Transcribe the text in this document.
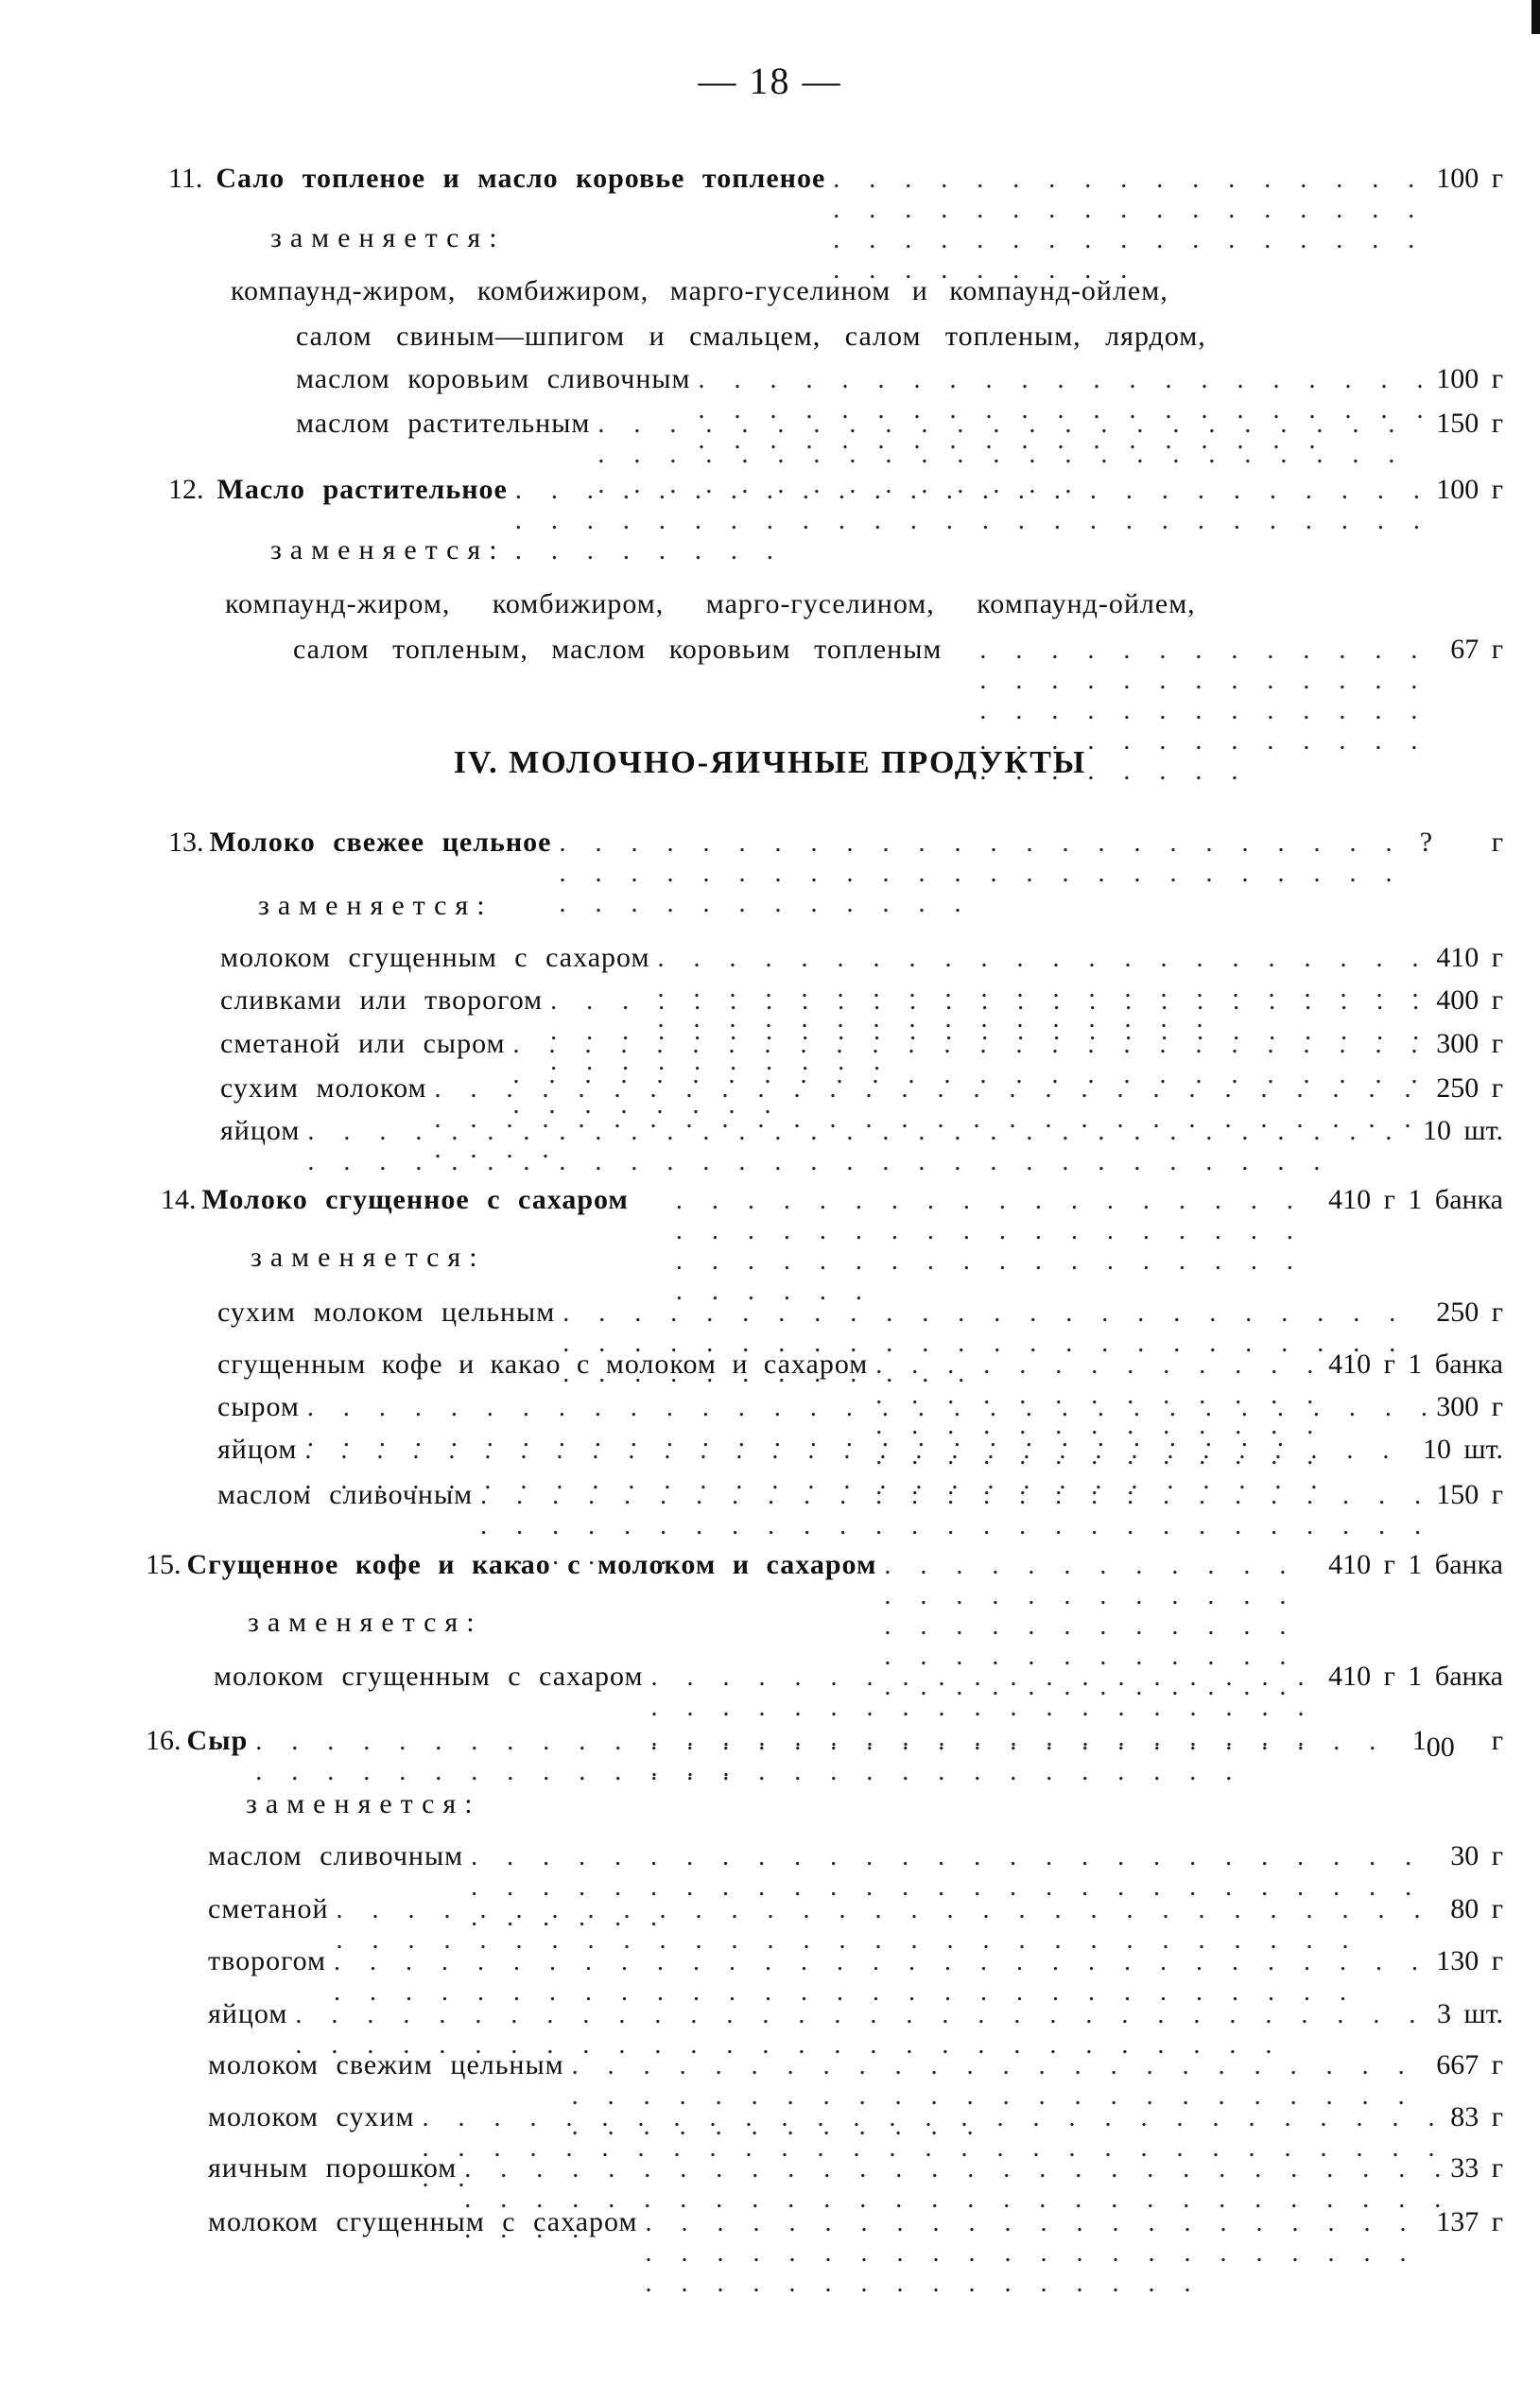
— 18 —
11. Сало топленое и масло коровье топленое
. . .	100 г
заменяется:
компаунд-жиром, комбижиром, марго-гуселином и компаунд-ойлем,
салом свиным—шпигом и смальцем, салом топленым, лярдом,
маслом коровьим сливочным
. . .	100 г
маслом растительным
. . .	150 г
12. Масло растительное
. . .	100 г
заменяется:
компаунд-жиром, комбижиром, марго-гуселином, компаунд-ойлем,
салом топленым, маслом коровьим топленым
. . .	67 г
IV. МОЛОЧНО-ЯИЧНЫЕ ПРОДУКТЫ
13. Молоко свежее цельное
. . .	?	г
заменяется:
молоком сгущенным с сахаром
. . .	410 г
сливками или творогом
. . .	400 г
сметаной или сыром
. . .	300 г
сухим молоком
. . .	250 г
яйцом
. . .	10 шт.
14. Молоко сгущенное с сахаром
. . .	410 г 1 банка
заменяется:
сухим молоком цельным
. . .	250 г
сгущенным кофе и какао с молоком и сахаром
. . .	410 г 1 банка
сыром
. . .	300 г
яйцом
. . .	10 шт.
маслом сливочным
. . .	150 г
15. Сгущенное кофе и какао с молоком и сахаром
. . .	410 г 1 банка
заменяется:
молоком сгущенным с сахаром
. . .	410 г 1 банка
16. Сыр
. . .	100	г
заменяется:
маслом сливочным
. . .	30 г
сметаной
. . .	80 г
творогом
. . .	130 г
яйцом
. . .	3 шт.
молоком свежим цельным
. . .	667 г
молоком сухим
. . .	83 г
яичным порошком
. . .	33 г
молоком сгущенным с сахаром
. . .	137 г
